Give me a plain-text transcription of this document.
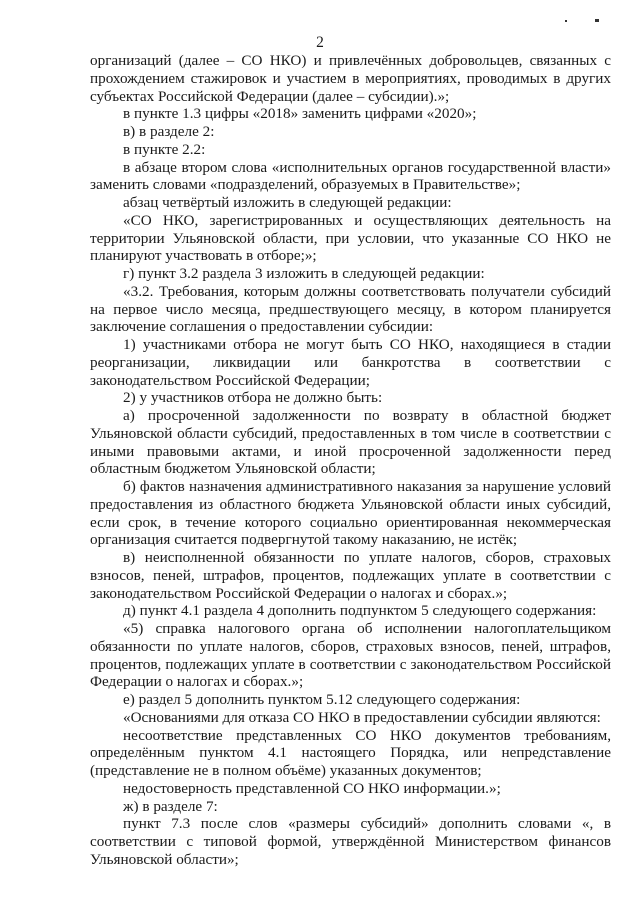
2

организаций (далее – СО НКО) и привлечённых добровольцев, связанных с прохождением стажировок и участием в мероприятиях, проводимых в других субъектах Российской Федерации (далее – субсидии).»;

в пункте 1.3 цифры «2018» заменить цифрами «2020»;

в) в разделе 2:

в пункте 2.2:

в абзаце втором слова «исполнительных органов государственной власти» заменить словами «подразделений, образуемых в Правительстве»;

абзац четвёртый изложить в следующей редакции:

«СО НКО, зарегистрированных и осуществляющих деятельность на территории Ульяновской области, при условии, что указанные СО НКО не планируют участвовать в отборе;»;

г) пункт 3.2 раздела 3 изложить в следующей редакции:

«3.2. Требования, которым должны соответствовать получатели субсидий на первое число месяца, предшествующего месяцу, в котором планируется заключение соглашения о предоставлении субсидии:

1) участниками отбора не могут быть СО НКО, находящиеся в стадии реорганизации, ликвидации или банкротства в соответствии с законодательством Российской Федерации;

2) у участников отбора не должно быть:

а) просроченной задолженности по возврату в областной бюджет Ульяновской области субсидий, предоставленных в том числе в соответствии с иными правовыми актами, и иной просроченной задолженности перед областным бюджетом Ульяновской области;

б) фактов назначения административного наказания за нарушение условий предоставления из областного бюджета Ульяновской области иных субсидий, если срок, в течение которого социально ориентированная некоммерческая организация считается подвергнутой такому наказанию, не истёк;

в) неисполненной обязанности по уплате налогов, сборов, страховых взносов, пеней, штрафов, процентов, подлежащих уплате в соответствии с законодательством Российской Федерации о налогах и сборах.»;

д) пункт 4.1 раздела 4 дополнить подпунктом 5 следующего содержания:

«5) справка налогового органа об исполнении налогоплательщиком обязанности по уплате налогов, сборов, страховых взносов, пеней, штрафов, процентов, подлежащих уплате в соответствии с законодательством Российской Федерации о налогах и сборах.»;

е) раздел 5 дополнить пунктом 5.12 следующего содержания:

«Основаниями для отказа СО НКО в предоставлении субсидии являются:

несоответствие представленных СО НКО документов требованиям, определённым пунктом 4.1 настоящего Порядка, или непредставление (представление не в полном объёме) указанных документов;

недостоверность представленной СО НКО информации.»;

ж) в разделе 7:

пункт 7.3 после слов «размеры субсидий» дополнить словами «, в соответствии с типовой формой, утверждённой Министерством финансов Ульяновской области»;
